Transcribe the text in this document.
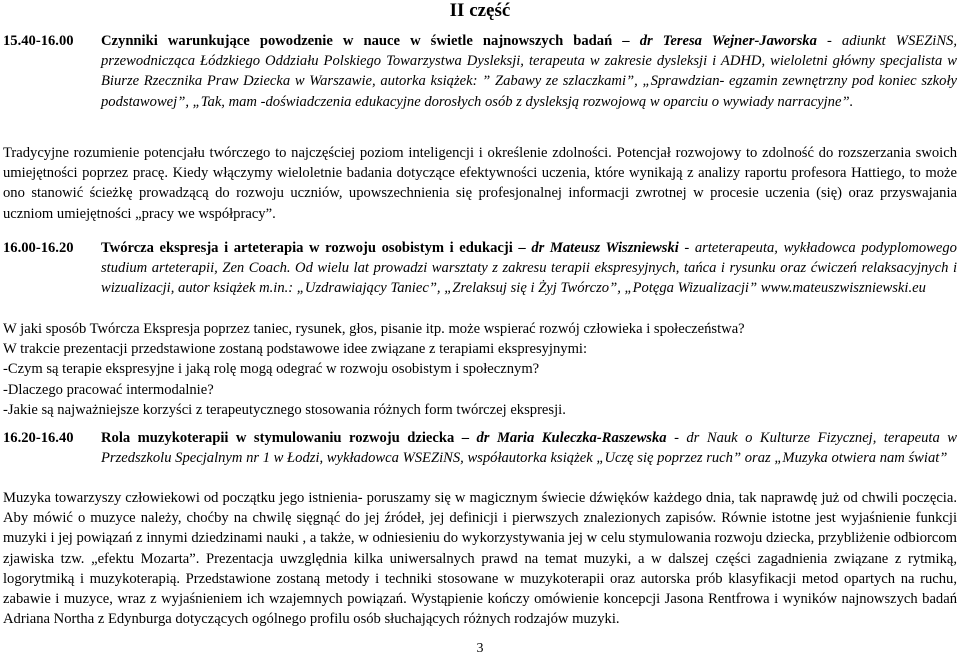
II część
15.40-16.00	Czynniki warunkujące powodzenie w nauce w świetle najnowszych badań – dr Teresa Wejner-Jaworska - adiunkt WSEZiNS, przewodnicząca Łódzkiego Oddziału Polskiego Towarzystwa Dysleksji, terapeuta w zakresie dysleksji i ADHD, wieloletni główny specjalista w Biurze Rzecznika Praw Dziecka w Warszawie, autorka książek: ” Zabawy ze szlaczkami”, „Sprawdzian- egzamin zewnętrzny pod koniec szkoły podstawowej”, „Tak, mam -doświadczenia edukacyjne dorosłych osób z dysleksją rozwojową w oparciu o wywiady narracyjne”.
Tradycyjne rozumienie potencjału twórczego to najczęściej poziom inteligencji i określenie zdolności. Potencjał rozwojowy to zdolność do rozszerzania swoich umiejętności poprzez pracę. Kiedy włączymy wieloletnie badania dotyczące efektywności uczenia, które wynikają z analizy raportu profesora Hattiego, to może ono stanowić ścieżkę prowadzącą do rozwoju uczniów, upowszechnienia się profesjonalnej informacji zwrotnej w procesie uczenia (się) oraz przyswajania uczniom umiejętności „pracy we współpracy”.
16.00-16.20	Twórcza ekspresja i arteterapia w rozwoju osobistym i edukacji – dr Mateusz Wiszniewski - arteterapeuta, wykładowca podyplomowego studium arteterapii, Zen Coach. Od wielu lat prowadzi warsztaty z zakresu terapii ekspresyjnych, tańca i rysunku oraz ćwiczeń relaksacyjnych i wizualizacji, autor książek m.in.: „Uzdrawiający Taniec”, „Zrelaksuj się i Żyj Twórczo”, „Potęga Wizualizacji” www.mateuszwiszniewski.eu

W jaki sposób Twórcza Ekspresja poprzez taniec, rysunek, głos, pisanie itp. może wspierać rozwój człowieka i społeczeństwa?

W trakcie prezentacji przedstawione zostaną podstawowe idee związane z terapiami ekspresyjnymi:

-Czym są terapie ekspresyjne i jaką rolę mogą odegrać w rozwoju osobistym i społecznym?

-Dlaczego pracować intermodalnie?

-Jakie są najważniejsze korzyści z terapeutycznego stosowania różnych form twórczej ekspresji.

16.20-16.40	Rola muzykoterapii w stymulowaniu rozwoju dziecka – dr Maria Kuleczka-Raszewska - dr Nauk o Kulturze Fizycznej, terapeuta w Przedszkolu Specjalnym nr 1 w Łodzi, wykładowca WSEZiNS, współautorka książek „Uczę się poprzez ruch” oraz „Muzyka otwiera nam świat”
Muzyka towarzyszy człowiekowi od początku jego istnienia- poruszamy się w magicznym świecie dźwięków każdego dnia, tak naprawdę już od chwili poczęcia. Aby mówić o muzyce należy, choćby na chwilę sięgnąć do jej źródeł, jej definicji i pierwszych znalezionych zapisów. Równie istotne jest wyjaśnienie funkcji muzyki i jej powiązań z innymi dziedzinami nauki , a także, w odniesieniu do wykorzystywania jej w celu stymulowania rozwoju dziecka, przybliżenie odbiorcom zjawiska tzw. „efektu Mozarta”. Prezentacja uwzględnia kilka uniwersalnych prawd na temat muzyki, a w dalszej części zagadnienia związane z rytmiką, logorytmiką i muzykoterapią. Przedstawione zostaną metody i techniki stosowane w muzykoterapii oraz autorska prób klasyfikacji metod opartych na ruchu, zabawie i muzyce, wraz z wyjaśnieniem ich wzajemnych powiązań. Wystąpienie kończy omówienie koncepcji Jasona Rentfrowa i wyników najnowszych badań Adriana Northa z Edynburga dotyczących ogólnego profilu osób słuchających różnych rodzajów muzyki.
3
